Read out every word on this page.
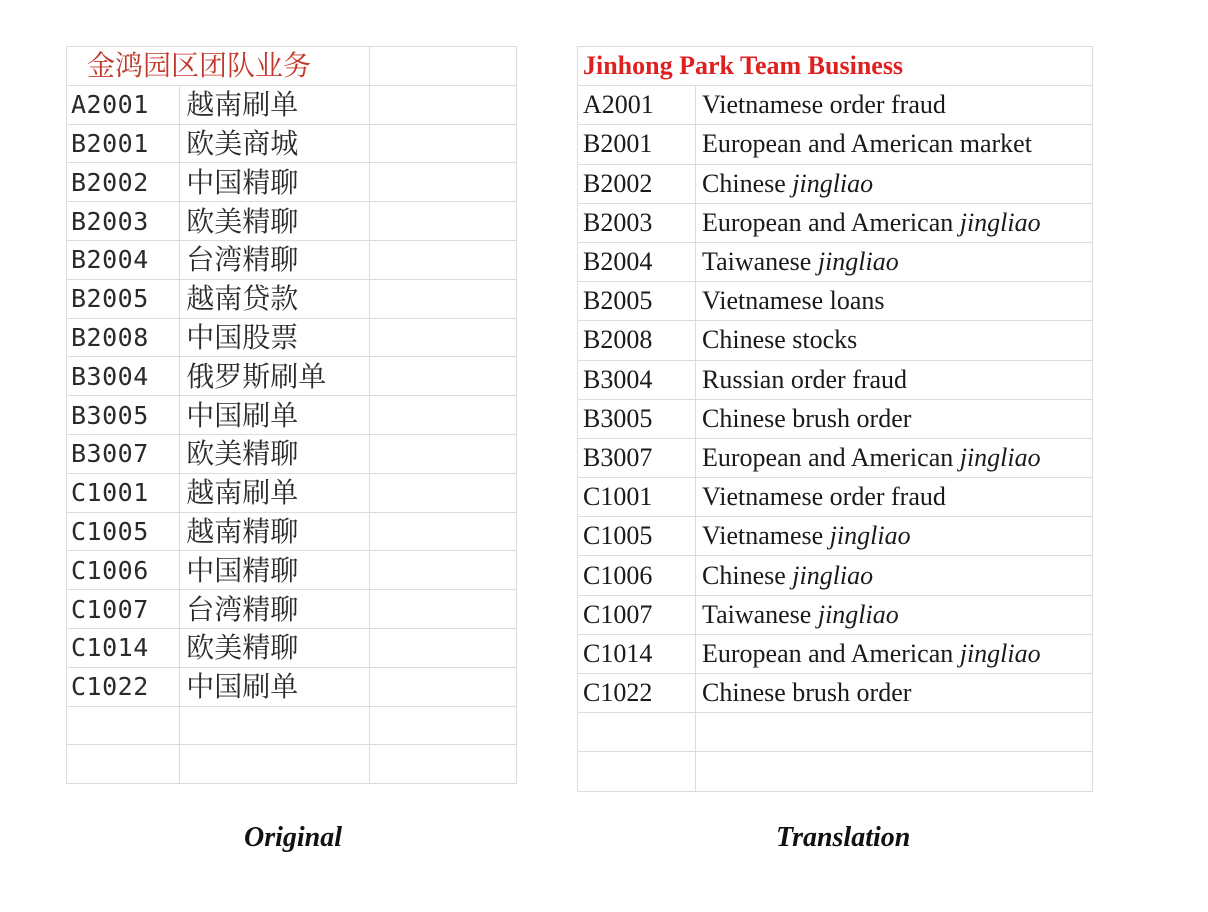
金鸿园区团队业务		
A2001	越南刷单	
B2001	欧美商城	
B2002	中国精聊	
B2003	欧美精聊	
B2004	台湾精聊	
B2005	越南贷款	
B2008	中国股票	
B3004	俄罗斯刷单	
B3005	中国刷单	
B3007	欧美精聊	
C1001	越南刷单	
C1005	越南精聊	
C1006	中国精聊	
C1007	台湾精聊	
C1014	欧美精聊	
C1022	中国刷单	

Jinhong Park Team Business	
A2001	Vietnamese order fraud
B2001	European and American market
B2002	Chinese jingliao
B2003	European and American jingliao
B2004	Taiwanese jingliao
B2005	Vietnamese loans
B2008	Chinese stocks
B3004	Russian order fraud
B3005	Chinese brush order
B3007	European and American jingliao
C1001	Vietnamese order fraud
C1005	Vietnamese jingliao
C1006	Chinese jingliao
C1007	Taiwanese jingliao
C1014	European and American jingliao
C1022	Chinese brush order

Original	Translation
